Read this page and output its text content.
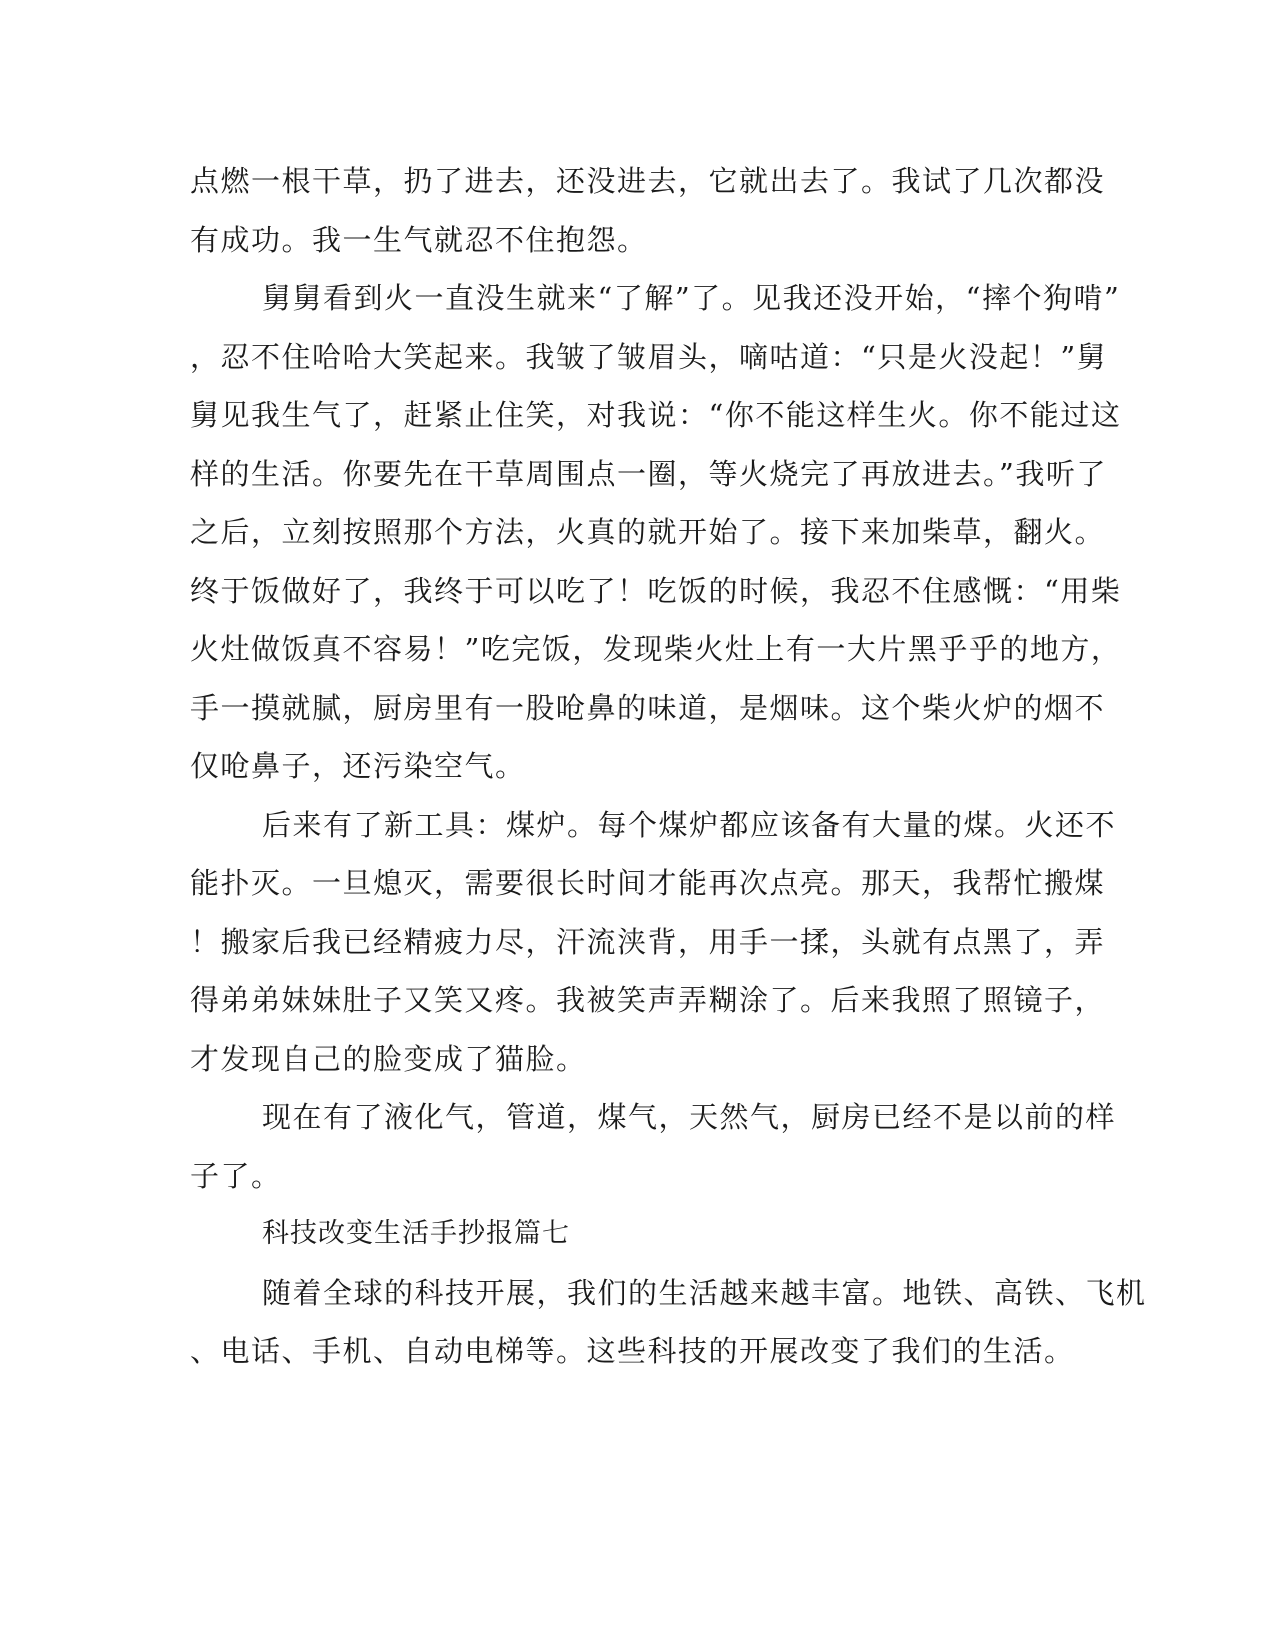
点燃一根干草，扔了进去，还没进去，它就出去了。我试了几次都没

有成功。我一生气就忍不住抱怨。

舅舅看到火一直没生就来“了解”了。见我还没开始，“摔个狗啃”

，忍不住哈哈大笑起来。我皱了皱眉头，嘀咕道：“只是火没起！”舅

舅见我生气了，赶紧止住笑，对我说：“你不能这样生火。你不能过这

样的生活。你要先在干草周围点一圈，等火烧完了再放进去。”我听了

之后，立刻按照那个方法，火真的就开始了。接下来加柴草，翻火。

终于饭做好了，我终于可以吃了！吃饭的时候，我忍不住感慨：“用柴

火灶做饭真不容易！”吃完饭，发现柴火灶上有一大片黑乎乎的地方，

手一摸就腻，厨房里有一股呛鼻的味道，是烟味。这个柴火炉的烟不

仅呛鼻子，还污染空气。

后来有了新工具：煤炉。每个煤炉都应该备有大量的煤。火还不

能扑灭。一旦熄灭，需要很长时间才能再次点亮。那天，我帮忙搬煤

！搬家后我已经精疲力尽，汗流浃背，用手一揉，头就有点黑了，弄

得弟弟妹妹肚子又笑又疼。我被笑声弄糊涂了。后来我照了照镜子，

才发现自己的脸变成了猫脸。

现在有了液化气，管道，煤气，天然气，厨房已经不是以前的样

子了。

科技改变生活手抄报篇七

随着全球的科技开展，我们的生活越来越丰富。地铁、高铁、飞机

、电话、手机、自动电梯等。这些科技的开展改变了我们的生活。
